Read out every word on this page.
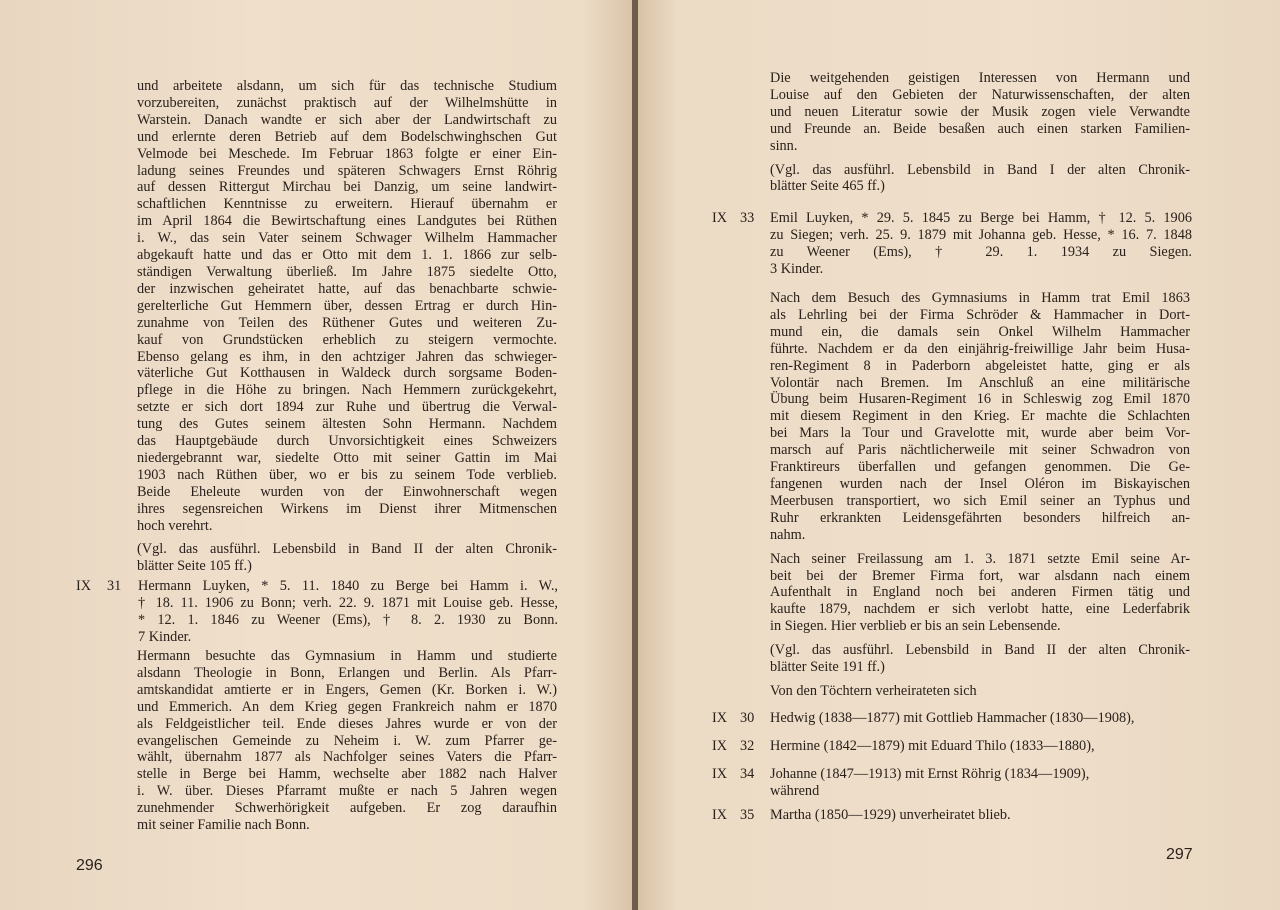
und arbeitete alsdann, um sich für das technische Studium
vorzubereiten, zunächst praktisch auf der Wilhelmshütte in
Warstein. Danach wandte er sich aber der Landwirtschaft zu
und erlernte deren Betrieb auf dem Bodelschwinghschen Gut
Velmode bei Meschede. Im Februar 1863 folgte er einer Ein-
ladung seines Freundes und späteren Schwagers Ernst Röhrig
auf dessen Rittergut Mirchau bei Danzig, um seine landwirt-
schaftlichen Kenntnisse zu erweitern. Hierauf übernahm er
im April 1864 die Bewirtschaftung eines Landgutes bei Rüthen
i. W., das sein Vater seinem Schwager Wilhelm Hammacher
abgekauft hatte und das er Otto mit dem 1. 1. 1866 zur selb-
ständigen Verwaltung überließ. Im Jahre 1875 siedelte Otto,
der inzwischen geheiratet hatte, auf das benachbarte schwie-
gerelterliche Gut Hemmern über, dessen Ertrag er durch Hin-
zunahme von Teilen des Rüthener Gutes und weiteren Zu-
kauf von Grundstücken erheblich zu steigern vermochte.
Ebenso gelang es ihm, in den achtziger Jahren das schwieger-
väterliche Gut Kotthausen in Waldeck durch sorgsame Boden-
pflege in die Höhe zu bringen. Nach Hemmern zurückgekehrt,
setzte er sich dort 1894 zur Ruhe und übertrug die Verwal-
tung des Gutes seinem ältesten Sohn Hermann. Nachdem
das Hauptgebäude durch Unvorsichtigkeit eines Schweizers
niedergebrannt war, siedelte Otto mit seiner Gattin im Mai
1903 nach Rüthen über, wo er bis zu seinem Tode verblieb.
Beide Eheleute wurden von der Einwohnerschaft wegen
ihres segensreichen Wirkens im Dienst ihrer Mitmenschen
hoch verehrt.

(Vgl. das ausführl. Lebensbild in Band II der alten Chronik-
blätter Seite 105 ff.)

IX 31 Hermann Luyken, * 5. 11. 1840 zu Berge bei Hamm i. W.,
† 18. 11. 1906 zu Bonn; verh. 22. 9. 1871 mit Louise geb. Hesse,
* 12. 1. 1846 zu Weener (Ems), † 8. 2. 1930 zu Bonn.
7 Kinder.

Hermann besuchte das Gymnasium in Hamm und studierte
alsdann Theologie in Bonn, Erlangen und Berlin. Als Pfarr-
amtskandidat amtierte er in Engers, Gemen (Kr. Borken i. W.)
und Emmerich. An dem Krieg gegen Frankreich nahm er 1870
als Feldgeistlicher teil. Ende dieses Jahres wurde er von der
evangelischen Gemeinde zu Neheim i. W. zum Pfarrer ge-
wählt, übernahm 1877 als Nachfolger seines Vaters die Pfarr-
stelle in Berge bei Hamm, wechselte aber 1882 nach Halver
i. W. über. Dieses Pfarramt mußte er nach 5 Jahren wegen
zunehmender Schwerhörigkeit aufgeben. Er zog daraufhin
mit seiner Familie nach Bonn.

296

Die weitgehenden geistigen Interessen von Hermann und
Louise auf den Gebieten der Naturwissenschaften, der alten
und neuen Literatur sowie der Musik zogen viele Verwandte
und Freunde an. Beide besaßen auch einen starken Familien-
sinn.

(Vgl. das ausführl. Lebensbild in Band I der alten Chronik-
blätter Seite 465 ff.)

IX 33 Emil Luyken, * 29. 5. 1845 zu Berge bei Hamm, † 12. 5. 1906
zu Siegen; verh. 25. 9. 1879 mit Johanna geb. Hesse, * 16. 7. 1848
zu Weener (Ems), † 29. 1. 1934 zu Siegen.
3 Kinder.

Nach dem Besuch des Gymnasiums in Hamm trat Emil 1863
als Lehrling bei der Firma Schröder & Hammacher in Dort-
mund ein, die damals sein Onkel Wilhelm Hammacher
führte. Nachdem er da den einjährig-freiwillige Jahr beim Husa-
ren-Regiment 8 in Paderborn abgeleistet hatte, ging er als
Volontär nach Bremen. Im Anschluß an eine militärische
Übung beim Husaren-Regiment 16 in Schleswig zog Emil 1870
mit diesem Regiment in den Krieg. Er machte die Schlachten
bei Mars la Tour und Gravelotte mit, wurde aber beim Vor-
marsch auf Paris nächtlicherweile mit seiner Schwadron von
Franktireurs überfallen und gefangen genommen. Die Ge-
fangenen wurden nach der Insel Oléron im Biskayischen
Meerbusen transportiert, wo sich Emil seiner an Typhus und
Ruhr erkrankten Leidensgefährten besonders hilfreich an-
nahm.

Nach seiner Freilassung am 1. 3. 1871 setzte Emil seine Ar-
beit bei der Bremer Firma fort, war alsdann nach einem
Aufenthalt in England noch bei anderen Firmen tätig und
kaufte 1879, nachdem er sich verlobt hatte, eine Lederfabrik
in Siegen. Hier verblieb er bis an sein Lebensende.

(Vgl. das ausführl. Lebensbild in Band II der alten Chronik-
blätter Seite 191 ff.)

Von den Töchtern verheirateten sich

IX 30 Hedwig (1838—1877) mit Gottlieb Hammacher (1830—1908),
IX 32 Hermine (1842—1879) mit Eduard Thilo (1833—1880),
IX 34 Johanne (1847—1913) mit Ernst Röhrig (1834—1909),
während
IX 35 Martha (1850—1929) unverheiratet blieb.
297
